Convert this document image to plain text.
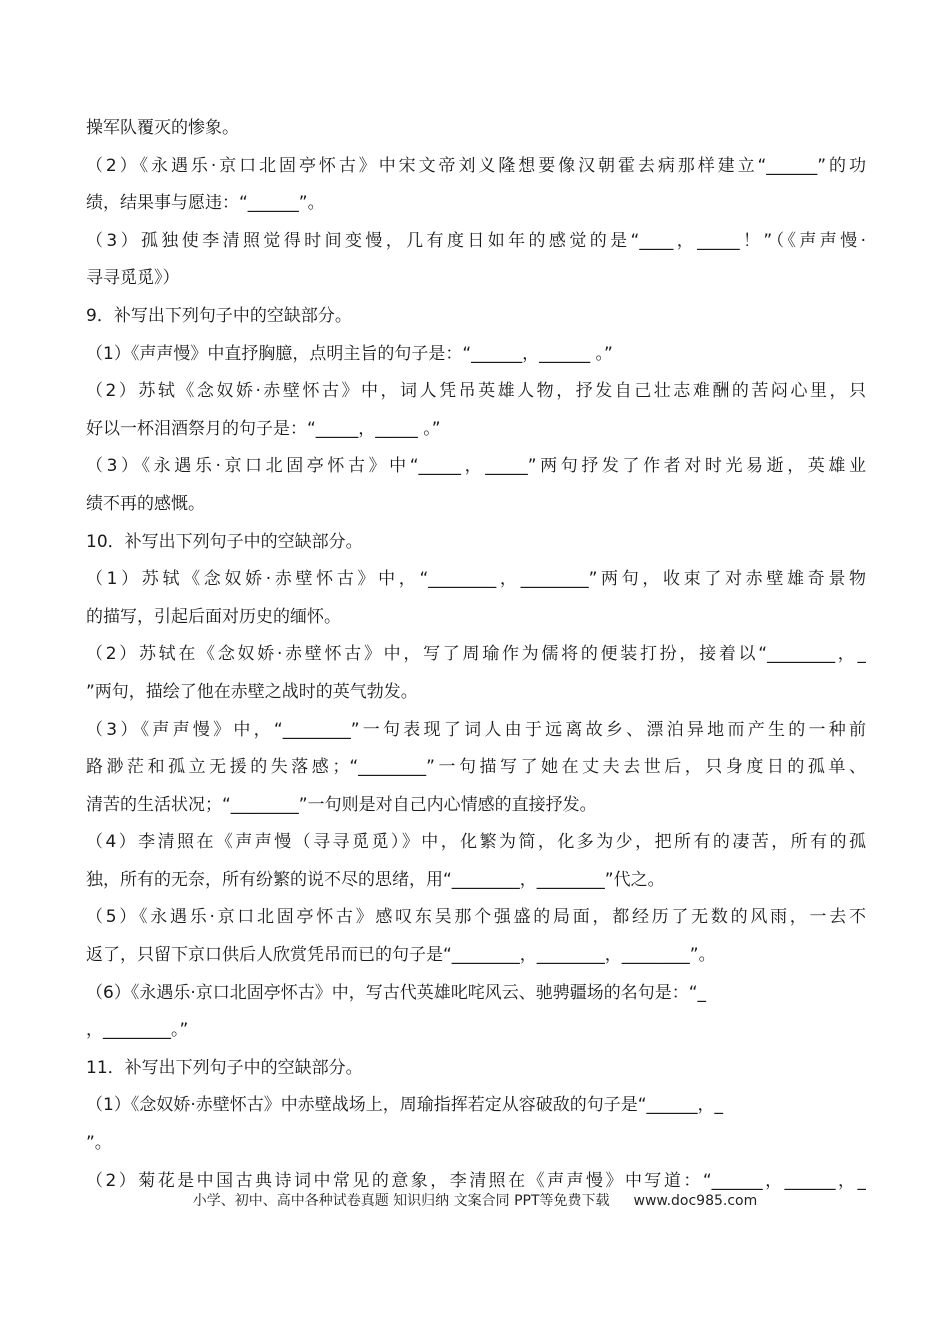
操军队覆灭的惨象。
（2）《永遇乐·京口北固亭怀古》中宋文帝刘义隆想要像汉朝霍去病那样建立“______”的功
绩，结果事与愿违：“______”。
（3）孤独使李清照觉得时间变慢，几有度日如年的感觉的是“____，_____！”（《声声慢·
寻寻觅觅》）
9．补写出下列句子中的空缺部分。
（1）《声声慢》中直抒胸臆，点明主旨的句子是：“______，______ 。”
（2）苏轼《念奴娇·赤壁怀古》中，词人凭吊英雄人物，抒发自己壮志难酬的苦闷心里，只
好以一杯泪酒祭月的句子是：“_____，_____ 。”
（3）《永遇乐·京口北固亭怀古》中“_____，_____”两句抒发了作者对时光易逝，英雄业
绩不再的感慨。
10．补写出下列句子中的空缺部分。
（1）苏轼《念奴娇·赤壁怀古》中，“________，________”两句，收束了对赤壁雄奇景物
的描写，引起后面对历史的缅怀。
（2）苏轼在《念奴娇·赤壁怀古》中，写了周瑜作为儒将的便装打扮，接着以“________，_
”两句，描绘了他在赤壁之战时的英气勃发。
（3）《声声慢》中，“________”一句表现了词人由于远离故乡、漂泊异地而产生的一种前
路渺茫和孤立无援的失落感；“________”一句描写了她在丈夫去世后，只身度日的孤单、
清苦的生活状况；“________”一句则是对自己内心情感的直接抒发。
（4）李清照在《声声慢（寻寻觅觅）》中，化繁为简，化多为少，把所有的凄苦，所有的孤
独，所有的无奈，所有纷繁的说不尽的思绪，用“________，________”代之。
（5）《永遇乐·京口北固亭怀古》感叹东吴那个强盛的局面，都经历了无数的风雨，一去不
返了，只留下京口供后人欣赏凭吊而已的句子是“________，________，________”。
（6）《永遇乐·京口北固亭怀古》中，写古代英雄叱咤风云、驰骋疆场的名句是：“_
，________。”
11．补写出下列句子中的空缺部分。
（1）《念奴娇·赤壁怀古》中赤壁战场上，周瑜指挥若定从容破敌的句子是“______，_
”。
（2）菊花是中国古典诗词中常见的意象，李清照在《声声慢》中写道：“______，______，_
小学、初中、高中各种试卷真题 知识归纳 文案合同 PPT等免费下载 www.doc985.com
